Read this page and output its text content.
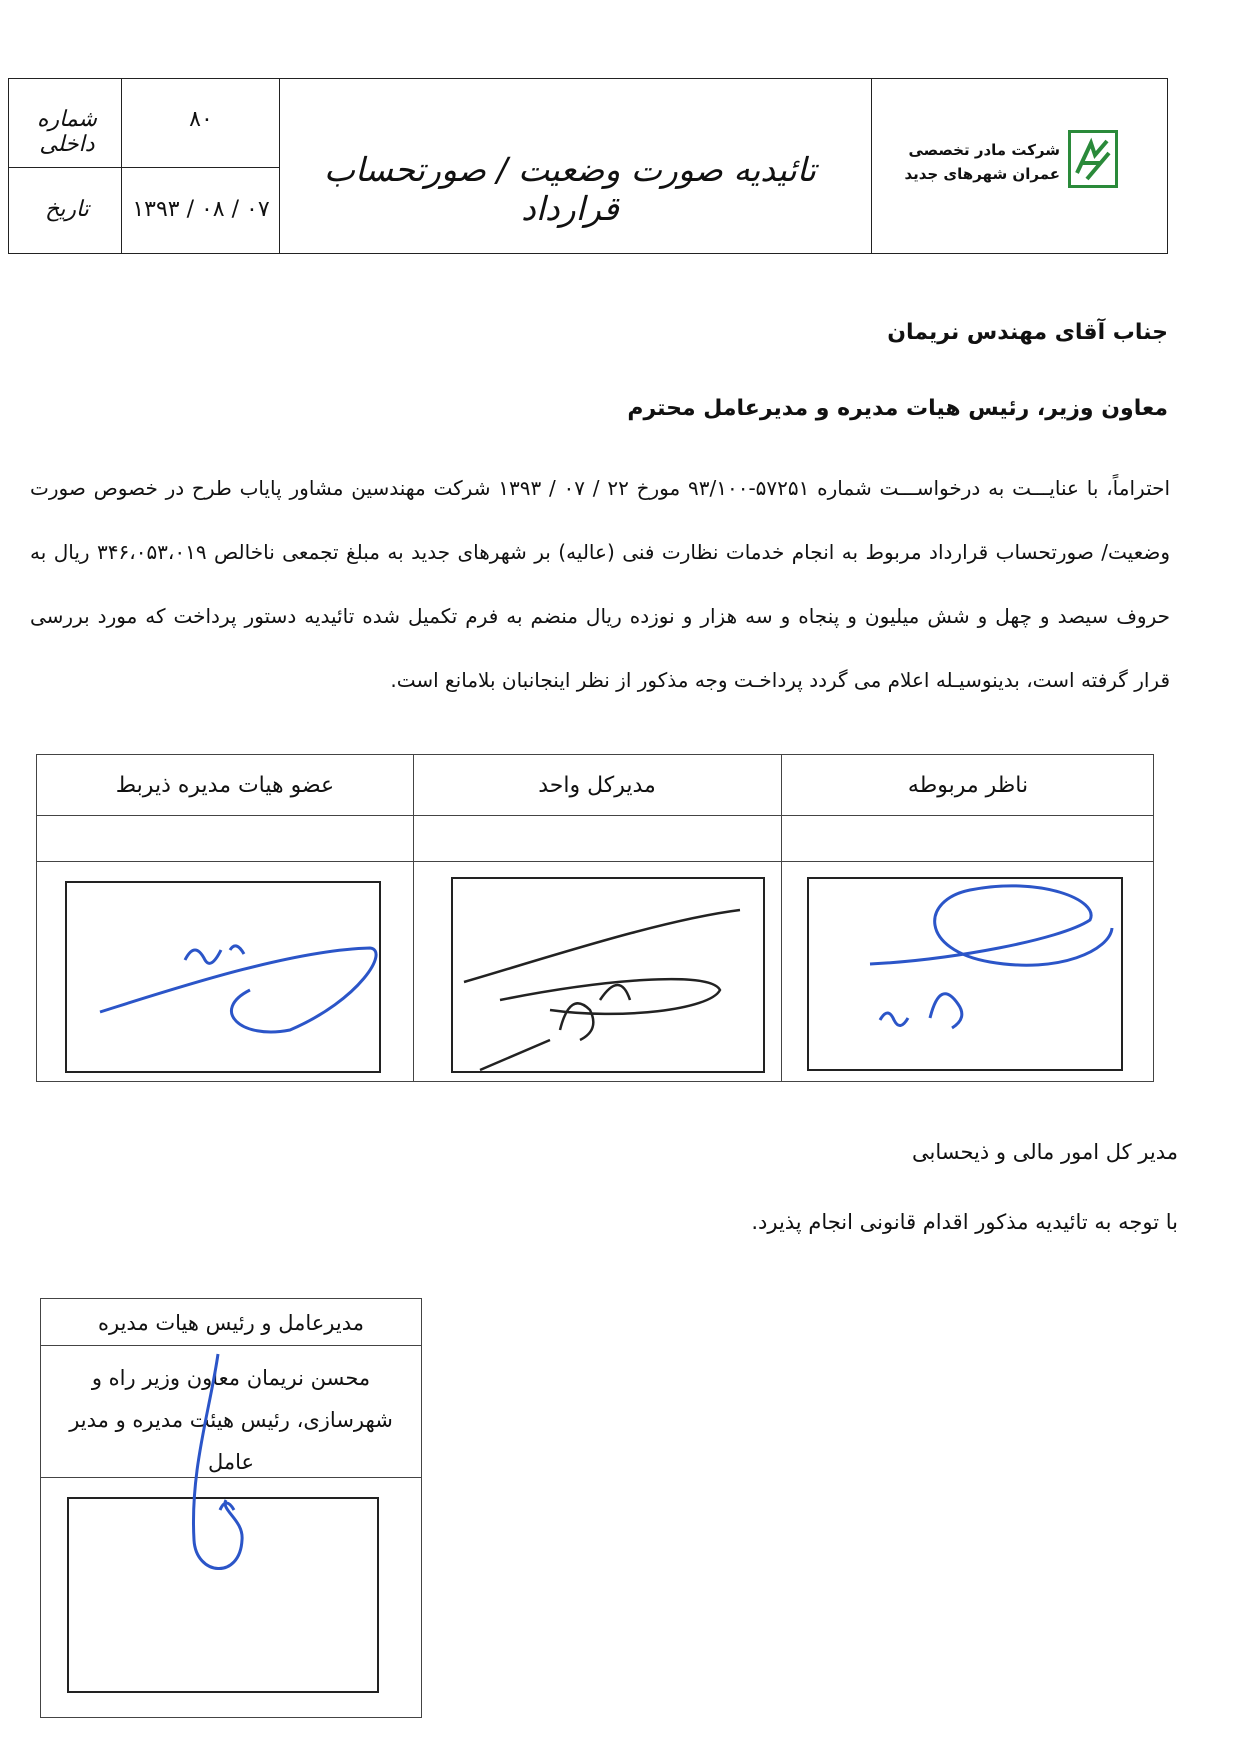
شماره داخلی
۸۰
تاریخ	۱۳۹۳ / ۰۸ / ۰۷
تائیدیه صورت وضعیت / صورتحساب قرارداد
شرکت مادر تخصصی
عمران شهرهای جدید
جناب آقای مهندس نریمان
معاون وزیر، رئیس هیات مدیره و مدیرعامل محترم
احتراماً، با عنایـــت به درخواســـت شماره ۵۷۲۵۱-۹۳/۱۰۰ مورخ ۲۲ / ۰۷ / ۱۳۹۳ شرکت مهندسین مشاور پایاب طرح در خصوص صورت وضعیت/ صورتحساب قرارداد مربوط به انجام خدمات نظارت فنی (عالیه) بر شهرهای جدید به مبلغ تجمعی ناخالص ۳۴۶،۰۵۳،۰۱۹ ریال به حروف سیصد و چهل و شش میلیون و پنجاه و سه هزار و نوزده ریال منضم به فرم تکمیل شده تائیدیه دستور پرداخت که مورد بررسی قرار گرفته است، بدینوسیـله اعلام می گردد پرداخـت وجه مذکور از نظر اینجانبان بلامانع است.
ناظر مربوطه
مدیرکل واحد
عضو هیات مدیره ذیربط
مدیر کل امور مالی و ذیحسابی
با توجه به تائیدیه مذکور اقدام قانونی انجام پذیرد.
مدیرعامل و رئیس هیات مدیره
محسن نریمان معاون وزیر راه و شهرسازی، رئیس هیئت مدیره و مدیر عامل
